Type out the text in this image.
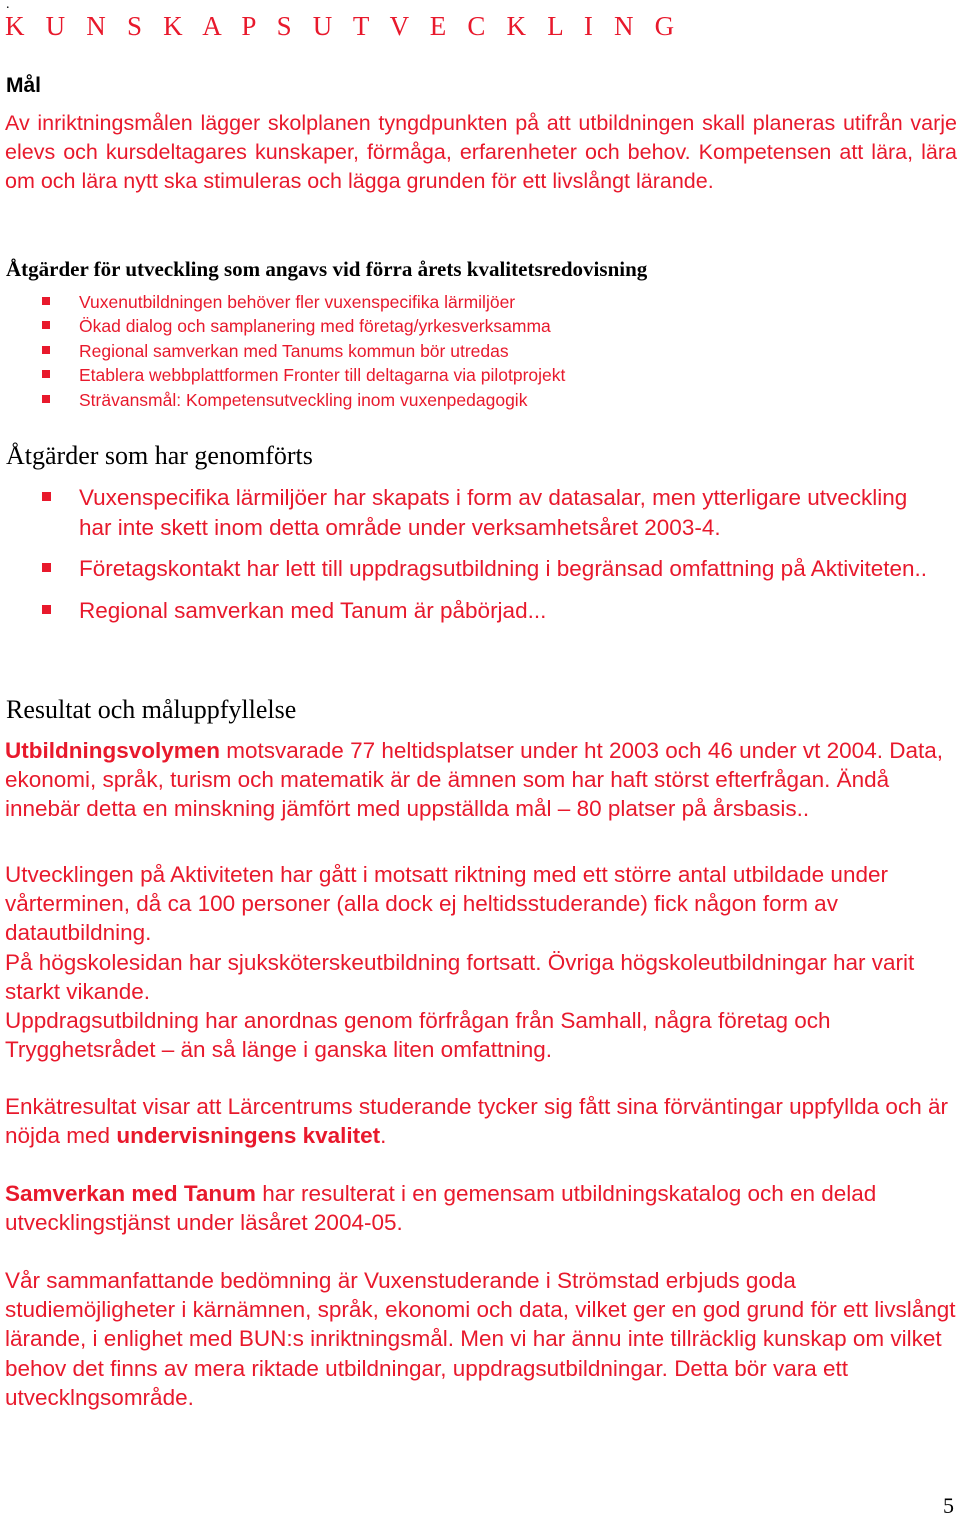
.
K U N S K A P S U T V E C K L I N G
Mål
Av inriktningsmålen lägger skolplanen tyngdpunkten på att utbildningen skall planeras utifrån varje elevs och kursdeltagares kunskaper, förmåga, erfarenheter och behov. Kompetensen att lära, lära om och lära nytt ska stimuleras och lägga grunden för ett livslångt lärande.
Åtgärder för utveckling som angavs vid förra årets kvalitetsredovisning
Vuxenutbildningen behöver fler vuxenspecifika lärmiljöer
Ökad dialog och samplanering med företag/yrkesverksamma
Regional samverkan med Tanums kommun bör utredas
Etablera webbplattformen Fronter till deltagarna via pilotprojekt
Strävansmål: Kompetensutveckling inom vuxenpedagogik
Åtgärder som har genomförts
Vuxenspecifika lärmiljöer har skapats i form av datasalar, men ytterligare utveckling har inte skett inom detta område under verksamhetsåret 2003-4.
Företagskontakt har lett till uppdragsutbildning i begränsad omfattning på Aktiviteten..
Regional samverkan med Tanum är påbörjad...
Resultat och måluppfyllelse

Utbildningsvolymen motsvarade 77 heltidsplatser under ht 2003 och 46 under vt 2004. Data, ekonomi, språk, turism och matematik är de ämnen som har haft störst efterfrågan. Ändå innebär detta en minskning jämfört med uppställda mål – 80 platser på årsbasis..

Utvecklingen på Aktiviteten har gått i motsatt riktning med ett större antal utbildade under vårterminen, då ca 100 personer (alla dock ej heltidsstuderande) fick någon form av datautbildning.
På högskolesidan har sjuksköterskeutbildning fortsatt. Övriga högskoleutbildningar har varit starkt vikande.
Uppdragsutbildning har anordnas genom förfrågan från Samhall, några företag och Trygghetsrådet – än så länge i ganska liten omfattning.

Enkätresultat visar att Lärcentrums studerande tycker sig fått sina förväntingar uppfyllda och är nöjda med undervisningens kvalitet.

Samverkan med Tanum har resulterat i en gemensam utbildningskatalog och en delad utvecklingstjänst under läsåret 2004-05.

Vår sammanfattande bedömning är Vuxenstuderande i Strömstad erbjuds goda studiemöjligheter i kärnämnen, språk, ekonomi och data, vilket ger en god grund för ett livslångt lärande, i enlighet med BUN:s inriktningsmål. Men vi har ännu inte tillräcklig kunskap om vilket behov det finns av mera riktade utbildningar, uppdragsutbildningar. Detta bör vara ett utvecklngsområde.

5
